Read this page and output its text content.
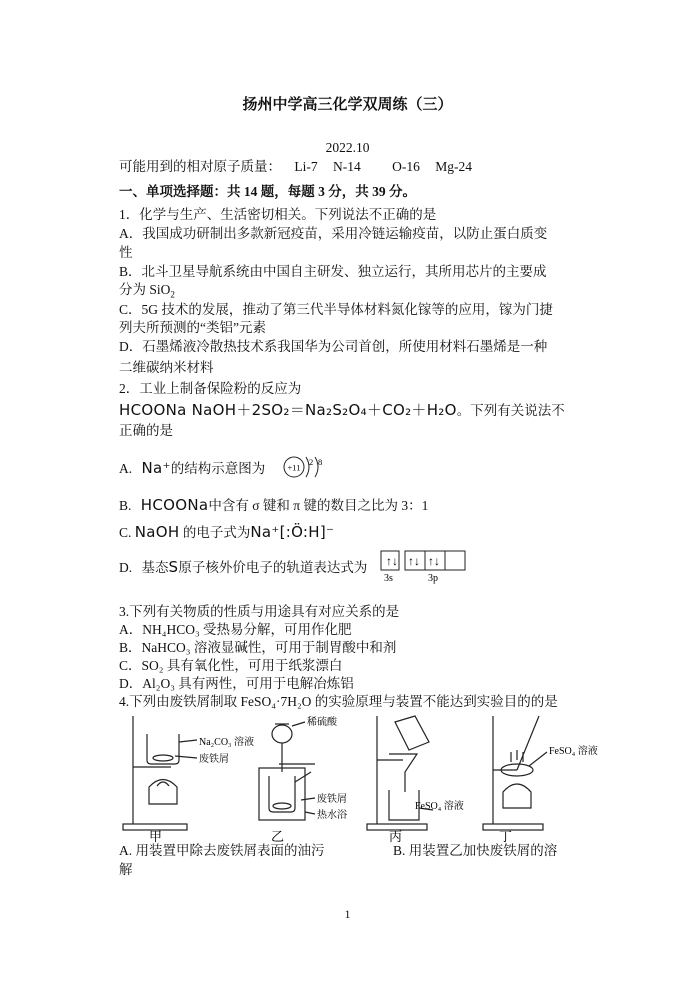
扬州中学高三化学双周练（三）
2022.10
可能用到的相对原子质量： Li-7 N-14 O-16 Mg-24
一、单项选择题：共 14 题，每题 3 分，共 39 分。
1．化学与生产、生活密切相关。下列说法不正确的是
A．我国成功研制出多款新冠疫苗，采用冷链运输疫苗，以防止蛋白质变
性
B．北斗卫星导航系统由中国自主研发、独立运行，其所用芯片的主要成
分为 SiO$_2$
C．5G 技术的发展，推动了第三代半导体材料氮化镓等的应用，镓为门捷
列夫所预测的“类铝”元素
D．石墨烯液冷散热技术系我国华为公司首创，所使用材料石墨烯是一种
二维碳纳米材料
2．工业上制备保险粉的反应为
HCOONa NaOH＋2SO₂＝Na₂S₂O₄＋CO₂＋H₂O。下列有关说法不
正确的是
A. Na⁺的结构示意图为	+11
2 8
B. HCOONa中含有 σ 键和 π 键的数目之比为 3：1
C. NaOH 的电子式为Na⁺[:Ö:H]⁻
D. 基态S原子核外价电子的轨道表达式为 ↑↓ ↑↓ ↑↓
3s	3p
3.下列有关物质的性质与用途具有对应关系的是
A．NH₄HCO₃ 受热易分解，可用作化肥
B．NaHCO₃ 溶液显碱性，可用于制胃酸中和剂
C．SO₂ 具有氧化性，可用于纸浆漂白
D．Al₂O₃ 具有两性，可用于电解冶炼铝
4.下列由废铁屑制取 FeSO₄·7H₂O 的实验原理与装置不能达到实验目的的是
Na₂CO₃ 溶液
废铁屑
稀硫酸
废铁屑
热水浴
FeSO₄ 溶液
FeSO₄ 溶液
甲	乙	丙	丁
A. 用装置甲除去废铁屑表面的油污	B. 用装置乙加快废铁屑的溶
解
1
